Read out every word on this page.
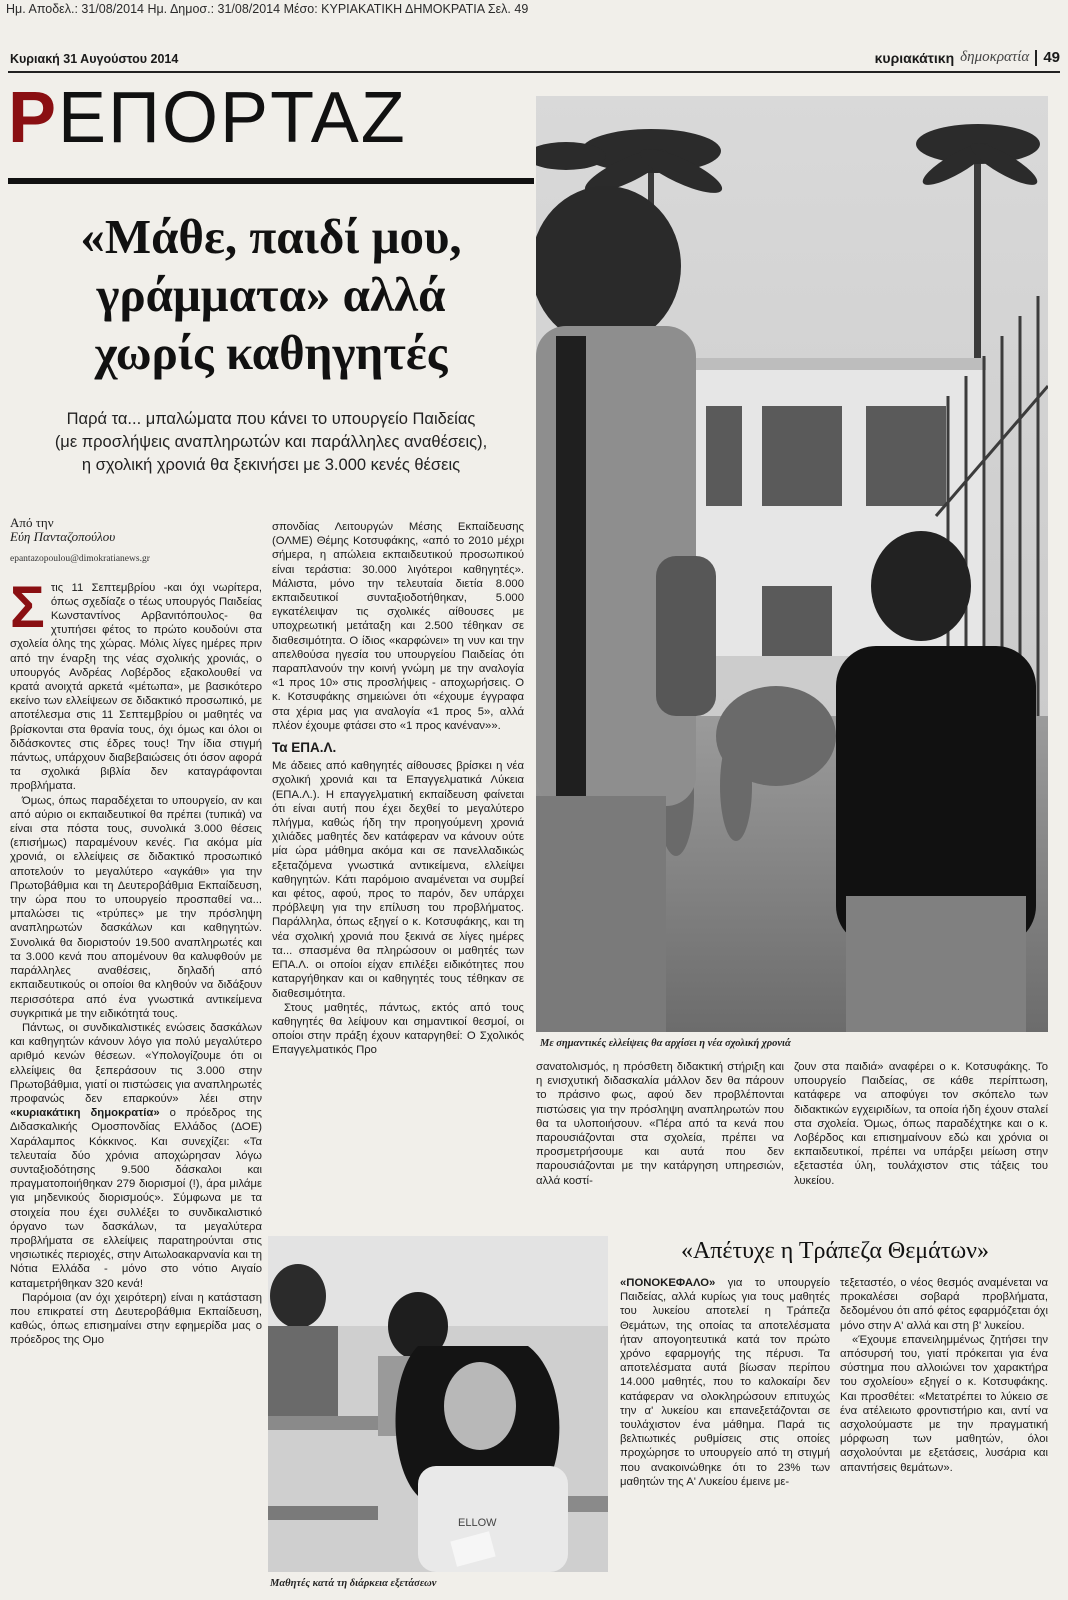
Ημ. Αποδελ.: 31/08/2014 Ημ. Δημοσ.: 31/08/2014 Μέσο: ΚΥΡΙΑΚΑΤΙΚΗ ΔΗΜΟΚΡΑΤΙΑ Σελ. 49
Κυριακή 31 Αυγούστου 2014	κυριακάτικη δημοκρατία 49
ΡΕΠΟΡΤΑΖ
«Μάθε, παιδί μου,
γράμματα» αλλά
χωρίς καθηγητές
Παρά τα... μπαλώματα που κάνει το υπουργείο Παιδείας
(με προσλήψεις αναπληρωτών και παράλληλες αναθέσεις),
η σχολική χρονιά θα ξεκινήσει με 3.000 κενές θέσεις
Από την
Εύη Πανταζοπούλου
epantazopoulou@dimokratianews.gr

Στις 11 Σεπτεμβρίου -και όχι νωρίτερα, όπως σχεδίαζε ο τέως υπουργός Παιδείας Κωνσταντίνος Αρβανιτόπουλος- θα χτυπήσει φέτος το πρώτο κουδούνι στα σχολεία όλης της χώρας. Μόλις λίγες ημέρες πριν από την έναρξη της νέας σχολικής χρονιάς, ο υπουργός Ανδρέας Λοβέρδος εξακολουθεί να κρατά ανοιχτά αρκετά «μέτωπα», με βασικότερο εκείνο των ελλείψεων σε διδακτικό προσωπικό, με αποτέλεσμα στις 11 Σεπτεμβρίου οι μαθητές να βρίσκονται στα θρανία τους, όχι όμως και όλοι οι διδάσκοντες στις έδρες τους! Την ίδια στιγμή πάντως, υπάρχουν διαβεβαιώσεις ότι όσον αφορά τα σχολικά βιβλία δεν καταγράφονται προβλήματα.

Όμως, όπως παραδέχεται το υπουργείο, αν και από αύριο οι εκπαιδευτικοί θα πρέπει (τυπικά) να είναι στα πόστα τους, συνολικά 3.000 θέσεις (επισήμως) παραμένουν κενές. Για ακόμα μία χρονιά, οι ελλείψεις σε διδακτικό προσωπικό αποτελούν το μεγαλύτερο «αγκάθι» για την Πρωτοβάθμια και τη Δευτεροβάθμια Εκπαίδευση, την ώρα που το υπουργείο προσπαθεί να... μπαλώσει τις «τρύπες» με την πρόσληψη αναπληρωτών δασκάλων και καθηγητών. Συνολικά θα διοριστούν 19.500 αναπληρωτές και τα 3.000 κενά που απομένουν θα καλυφθούν με παράλληλες αναθέσεις, δηλαδή από εκπαιδευτικούς οι οποίοι θα κληθούν να διδάξουν περισσότερα από ένα γνωστικά αντικείμενα συγκριτικά με την ειδικότητά τους.

Πάντως, οι συνδικαλιστικές ενώσεις δασκάλων και καθηγητών κάνουν λόγο για πολύ μεγαλύτερο αριθμό κενών θέσεων. «Υπολογίζουμε ότι οι ελλείψεις θα ξεπεράσουν τις 3.000 στην Πρωτοβάθμια, γιατί οι πιστώσεις για αναπληρωτές προφανώς δεν επαρκούν» λέει στην «κυριακάτικη δημοκρατία» ο πρόεδρος της Διδασκαλικής Ομοσπονδίας Ελλάδος (ΔΟΕ) Χαράλαμπος Κόκκινος. Και συνεχίζει: «Τα τελευταία δύο χρόνια αποχώρησαν λόγω συνταξιοδότησης 9.500 δάσκαλοι και πραγματοποιήθηκαν 279 διορισμοί (!), άρα μιλάμε για μηδενικούς διορισμούς». Σύμφωνα με τα στοιχεία που έχει συλλέξει το συνδικαλιστικό όργανο των δασκάλων, τα μεγαλύτερα προβλήματα σε ελλείψεις παρατηρούνται στις νησιωτικές περιοχές, στην Αιτωλοακαρνανία και τη Νότια Ελλάδα - μόνο στο νότιο Αιγαίο καταμετρήθηκαν 320 κενά!

Παρόμοια (αν όχι χειρότερη) είναι η κατάσταση που επικρατεί στη Δευτεροβάθμια Εκπαίδευση, καθώς, όπως επισημαίνει στην εφημερίδα μας ο πρόεδρος της Ομο

σπονδίας Λειτουργών Μέσης Εκπαίδευσης (ΟΛΜΕ) Θέμης Κοτσυφάκης, «από το 2010 μέχρι σήμερα, η απώλεια εκπαιδευτικού προσωπικού είναι τεράστια: 30.000 λιγότεροι καθηγητές». Μάλιστα, μόνο την τελευταία διετία 8.000 εκπαιδευτικοί συνταξιοδοτήθηκαν, 5.000 εγκατέλειψαν τις σχολικές αίθουσες με υποχρεωτική μετάταξη και 2.500 τέθηκαν σε διαθεσιμότητα. Ο ίδιος «καρφώνει» τη νυν και την απελθούσα ηγεσία του υπουργείου Παιδείας ότι παραπλανούν την κοινή γνώμη με την αναλογία «1 προς 10» στις προσλήψεις - αποχωρήσεις. Ο κ. Κοτσυφάκης σημειώνει ότι «έχουμε έγγραφα στα χέρια μας για αναλογία «1 προς 5», αλλά πλέον έχουμε φτάσει στο «1 προς κανέναν»».

Τα ΕΠΑ.Λ.

Με άδειες από καθηγητές αίθουσες βρίσκει η νέα σχολική χρονιά και τα Επαγγελματικά Λύκεια (ΕΠΑ.Λ.). Η επαγγελματική εκπαίδευση φαίνεται ότι είναι αυτή που έχει δεχθεί το μεγαλύτερο πλήγμα, καθώς ήδη την προηγούμενη χρονιά χιλιάδες μαθητές δεν κατάφεραν να κάνουν ούτε μία ώρα μάθημα ακόμα και σε πανελλαδικώς εξεταζόμενα γνωστικά αντικείμενα, ελλείψει καθηγητών. Κάτι παρόμοιο αναμένεται να συμβεί και φέτος, αφού, προς το παρόν, δεν υπάρχει πρόβλεψη για την επίλυση του προβλήματος. Παράλληλα, όπως εξηγεί ο κ. Κοτσυφάκης, και τη νέα σχολική χρονιά που ξεκινά σε λίγες ημέρες τα... σπασμένα θα πληρώσουν οι μαθητές των ΕΠΑ.Λ. οι οποίοι είχαν επιλέξει ειδικότητες που καταργήθηκαν και οι καθηγητές τους τέθηκαν σε διαθεσιμότητα.

Στους μαθητές, πάντως, εκτός από τους καθηγητές θα λείψουν και σημαντικοί θεσμοί, οι οποίοι στην πράξη έχουν καταργηθεί: Ο Σχολικός Επαγγελματικός Προ

Με σημαντικές ελλείψεις θα αρχίσει η νέα σχολική χρονιά

σανατολισμός, η πρόσθετη διδακτική στήριξη και η ενισχυτική διδασκαλία μάλλον δεν θα πάρουν το πράσινο φως, αφού δεν προβλέπονται πιστώσεις για την πρόσληψη αναπληρωτών που θα τα υλοποιήσουν. «Πέρα από τα κενά που παρουσιάζονται στα σχολεία, πρέπει να προσμετρήσουμε και αυτά που δεν παρουσιάζονται με την κατάργηση υπηρεσιών, αλλά κοστί-

ζουν στα παιδιά» αναφέρει ο κ. Κοτσυφάκης. Το υπουργείο Παιδείας, σε κάθε περίπτωση, κατάφερε να αποφύγει τον σκόπελο των διδακτικών εγχειριδίων, τα οποία ήδη έχουν σταλεί στα σχολεία. Όμως, όπως παραδέχτηκε και ο κ. Λοβέρδος και επισημαίνουν εδώ και χρόνια οι εκπαιδευτικοί, πρέπει να υπάρξει μείωση στην εξεταστέα ύλη, τουλάχιστον στις τάξεις του λυκείου.

ELLOW
Μαθητές κατά τη διάρκεια εξετάσεων
«Απέτυχε η Τράπεζα Θεμάτων»

«ΠΟΝΟΚΕΦΑΛΟ» για το υπουργείο Παιδείας, αλλά κυρίως για τους μαθητές του λυκείου αποτελεί η Τράπεζα Θεμάτων, της οποίας τα αποτελέσματα ήταν απογοητευτικά κατά τον πρώτο χρόνο εφαρμογής της πέρυσι. Τα αποτελέσματα αυτά βίωσαν περίπου 14.000 μαθητές, που το καλοκαίρι δεν κατάφεραν να ολοκληρώσουν επιτυχώς την α' λυκείου και επανεξετάζονται σε τουλάχιστον ένα μάθημα. Παρά τις βελτιωτικές ρυθμίσεις στις οποίες προχώρησε το υπουργείο από τη στιγμή που ανακοινώθηκε ότι το 23% των μαθητών της Α' Λυκείου έμεινε με-

τεξεταστέο, ο νέος θεσμός αναμένεται να προκαλέσει σοβαρά προβλήματα, δεδομένου ότι από φέτος εφαρμόζεται όχι μόνο στην Α' αλλά και στη β' λυκείου.

«Έχουμε επανειλημμένως ζητήσει την απόσυρσή του, γιατί πρόκειται για ένα σύστημα που αλλοιώνει τον χαρακτήρα του σχολείου» εξηγεί ο κ. Κοτσυφάκης. Και προσθέτει: «Μετατρέπει το λύκειο σε ένα ατέλειωτο φροντιστήριο και, αντί να ασχολούμαστε με την πραγματική μόρφωση των μαθητών, όλοι ασχολούνται με εξετάσεις, λυσάρια και απαντήσεις θεμάτων».
